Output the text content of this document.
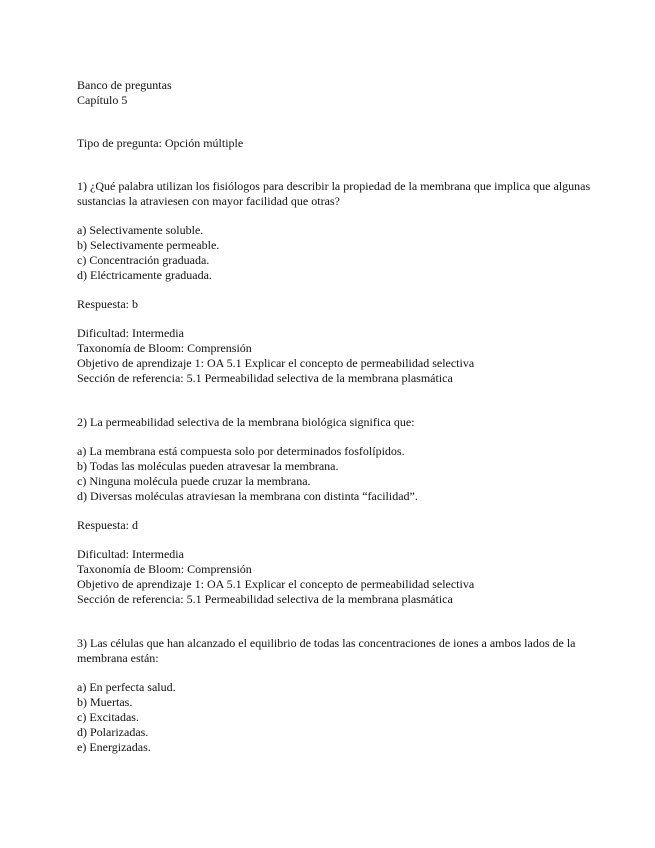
Banco de preguntas
Capítulo 5
Tipo de pregunta: Opción múltiple
1) ¿Qué palabra utilizan los fisiólogos para describir la propiedad de la membrana que implica que algunas sustancias la atraviesen con mayor facilidad que otras?
a) Selectivamente soluble.
b) Selectivamente permeable.
c) Concentración graduada.
d) Eléctricamente graduada.
Respuesta: b
Dificultad: Intermedia
Taxonomía de Bloom: Comprensión
Objetivo de aprendizaje 1: OA 5.1 Explicar el concepto de permeabilidad selectiva
Sección de referencia: 5.1 Permeabilidad selectiva de la membrana plasmática
2) La permeabilidad selectiva de la membrana biológica significa que:
a) La membrana está compuesta solo por determinados fosfolípidos.
b) Todas las moléculas pueden atravesar la membrana.
c) Ninguna molécula puede cruzar la membrana.
d) Diversas moléculas atraviesan la membrana con distinta “facilidad”.
Respuesta: d
Dificultad: Intermedia
Taxonomía de Bloom: Comprensión
Objetivo de aprendizaje 1: OA 5.1 Explicar el concepto de permeabilidad selectiva
Sección de referencia: 5.1 Permeabilidad selectiva de la membrana plasmática
3) Las células que han alcanzado el equilibrio de todas las concentraciones de iones a ambos lados de la membrana están:
a) En perfecta salud.
b) Muertas.
c) Excitadas.
d) Polarizadas.
e) Energizadas.
